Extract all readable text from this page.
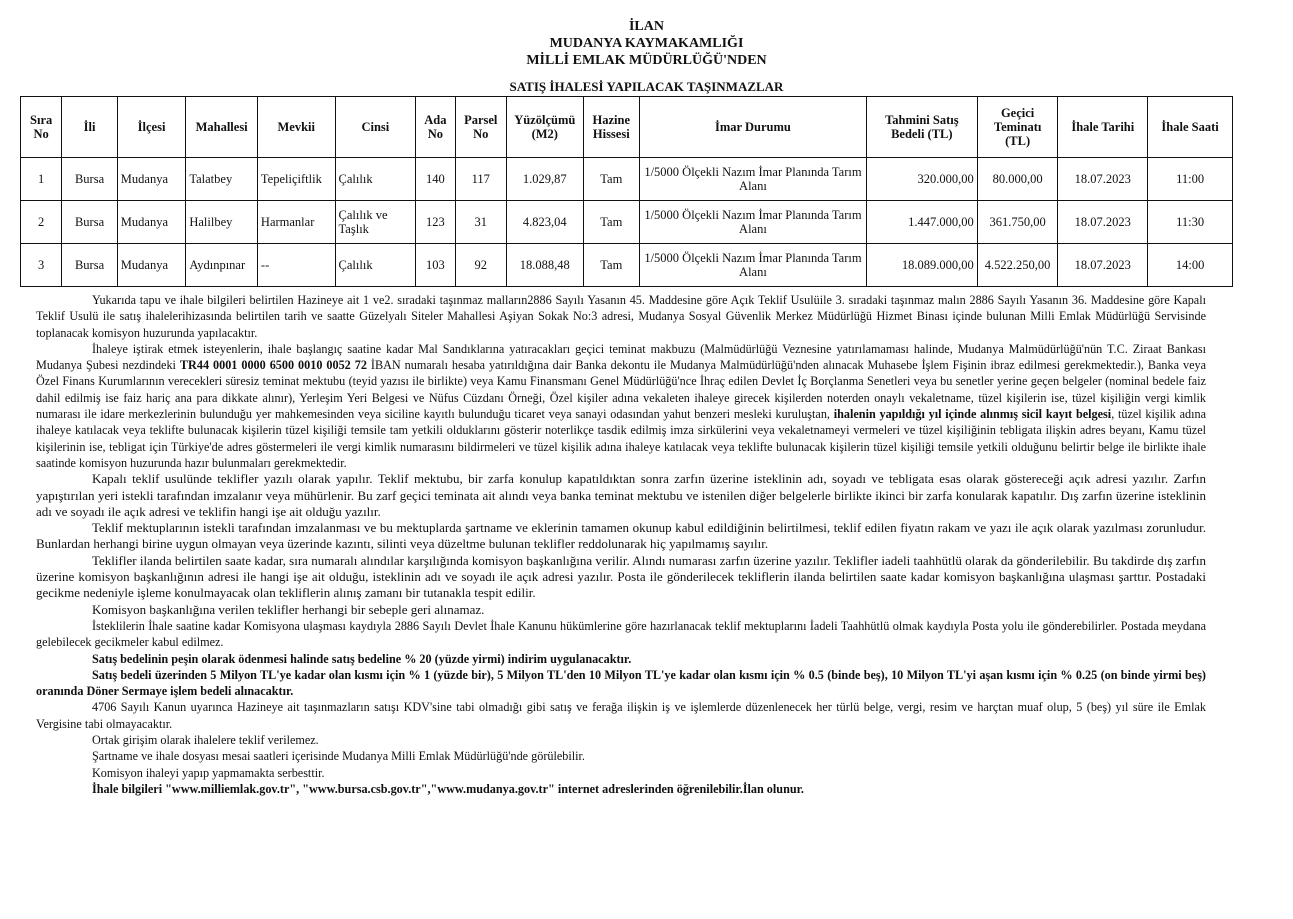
İLAN
MUDANYA KAYMAKAMLIĞI
MİLLİ EMLAK MÜDÜRLÜĞÜ'NDEN
SATIŞ İHALESİ YAPILACAK TAŞINMAZLAR
Sıra No	İli	İlçesi	Mahallesi	Mevkii	Cinsi	Ada No	Parsel No	Yüzölçümü (M2)	Hazine Hissesi	İmar Durumu	Tahmini Satış Bedeli (TL)	Geçici Teminatı (TL)	İhale Tarihi	İhale Saati
1	Bursa	Mudanya	Talatbey	Tepeliçiftlik	Çalılık	140	117	1.029,87	Tam	1/5000 Ölçekli Nazım İmar Planında Tarım Alanı	320.000,00	80.000,00	18.07.2023	11:00
2	Bursa	Mudanya	Halilbey	Harmanlar	Çalılık ve Taşlık	123	31	4.823,04	Tam	1/5000 Ölçekli Nazım İmar Planında Tarım Alanı	1.447.000,00	361.750,00	18.07.2023	11:30
3	Bursa	Mudanya	Aydınpınar	--	Çalılık	103	92	18.088,48	Tam	1/5000 Ölçekli Nazım İmar Planında Tarım Alanı	18.089.000,00	4.522.250,00	18.07.2023	14:00

Yukarıda tapu ve ihale bilgileri belirtilen Hazineye ait 1 ve2. sıradaki taşınmaz malların2886 Sayılı Yasanın 45. Maddesine göre Açık Teklif Usulüile 3. sıradaki taşınmaz malın 2886 Sayılı Yasanın 36. Maddesine göre Kapalı Teklif Usulü ile satış ihalelerihizasında belirtilen tarih ve saatte Güzelyalı Siteler Mahallesi Aşiyan Sokak No:3 adresi, Mudanya Sosyal Güvenlik Merkez Müdürlüğü Hizmet Binası içinde bulunan Milli Emlak Müdürlüğü Servisinde toplanacak komisyon huzurunda yapılacaktır.

İhaleye iştirak etmek isteyenlerin, ihale başlangıç saatine kadar Mal Sandıklarına yatıracakları geçici teminat makbuzu (Malmüdürlüğü Veznesine yatırılamaması halinde, Mudanya Malmüdürlüğü'nün T.C. Ziraat Bankası Mudanya Şubesi nezdindeki TR44 0001 0000 6500 0010 0052 72 İBAN numaralı hesaba yatırıldığına dair Banka dekontu ile Mudanya Malmüdürlüğü'nden alınacak Muhasebe İşlem Fişinin ibraz edilmesi gerekmektedir.), Banka veya Özel Finans Kurumlarının verecekleri süresiz teminat mektubu (teyid yazısı ile birlikte) veya Kamu Finansmanı Genel Müdürlüğü'nce İhraç edilen Devlet İç Borçlanma Senetleri veya bu senetler yerine geçen belgeler (nominal bedele faiz dahil edilmiş ise faiz hariç ana para dikkate alınır), Yerleşim Yeri Belgesi ve Nüfus Cüzdanı Örneği, Özel kişiler adına vekaleten ihaleye girecek kişilerden noterden onaylı vekaletname, tüzel kişilerin ise, tüzel kişiliğin vergi kimlik numarası ile idare merkezlerinin bulunduğu yer mahkemesinden veya siciline kayıtlı bulunduğu ticaret veya sanayi odasından yahut benzeri mesleki kuruluştan, ihalenin yapıldığı yıl içinde alınmış sicil kayıt belgesi, tüzel kişilik adına ihaleye katılacak veya teklifte bulunacak kişilerin tüzel kişiliği temsile tam yetkili olduklarını gösterir noterlikçe tasdik edilmiş imza sirkülerini veya vekaletnameyi vermeleri ve tüzel kişiliğinin tebligata ilişkin adres beyanı, Kamu tüzel kişilerinin ise, tebligat için Türkiye'de adres göstermeleri ile vergi kimlik numarasını bildirmeleri ve tüzel kişilik adına ihaleye katılacak veya teklifte bulunacak kişilerin tüzel kişiliği temsile yetkili olduğunu belirtir belge ile birlikte ihale saatinde komisyon huzurunda hazır bulunmaları gerekmektedir.

Kapalı teklif usulünde teklifler yazılı olarak yapılır. Teklif mektubu, bir zarfa konulup kapatıldıktan sonra zarfın üzerine isteklinin adı, soyadı ve tebligata esas olarak göstereceği açık adresi yazılır. Zarfın yapıştırılan yeri istekli tarafından imzalanır veya mühürlenir. Bu zarf geçici teminata ait alındı veya banka teminat mektubu ve istenilen diğer belgelerle birlikte ikinci bir zarfa konularak kapatılır. Dış zarfın üzerine isteklinin adı ve soyadı ile açık adresi ve teklifin hangi işe ait olduğu yazılır.

Teklif mektuplarının istekli tarafından imzalanması ve bu mektuplarda şartname ve eklerinin tamamen okunup kabul edildiğinin belirtilmesi, teklif edilen fiyatın rakam ve yazı ile açık olarak yazılması zorunludur. Bunlardan herhangi birine uygun olmayan veya üzerinde kazıntı, silinti veya düzeltme bulunan teklifler reddolunarak hiç yapılmamış sayılır.

Teklifler ilanda belirtilen saate kadar, sıra numaralı alındılar karşılığında komisyon başkanlığına verilir. Alındı numarası zarfın üzerine yazılır. Teklifler iadeli taahhütlü olarak da gönderilebilir. Bu takdirde dış zarfın üzerine komisyon başkanlığının adresi ile hangi işe ait olduğu, isteklinin adı ve soyadı ile açık adresi yazılır. Posta ile gönderilecek tekliflerin ilanda belirtilen saate kadar komisyon başkanlığına ulaşması şarttır. Postadaki gecikme nedeniyle işleme konulmayacak olan tekliflerin alınış zamanı bir tutanakla tespit edilir.

Komisyon başkanlığına verilen teklifler herhangi bir sebeple geri alınamaz.

İsteklilerin İhale saatine kadar Komisyona ulaşması kaydıyla 2886 Sayılı Devlet İhale Kanunu hükümlerine göre hazırlanacak teklif mektuplarını İadeli Taahhütlü olmak kaydıyla Posta yolu ile gönderebilirler. Postada meydana gelebilecek gecikmeler kabul edilmez.

Satış bedelinin peşin olarak ödenmesi halinde satış bedeline % 20 (yüzde yirmi) indirim uygulanacaktır.

Satış bedeli üzerinden 5 Milyon TL'ye kadar olan kısmı için % 1 (yüzde bir), 5 Milyon TL'den 10 Milyon TL'ye kadar olan kısmı için % 0.5 (binde beş), 10 Milyon TL'yi aşan kısmı için % 0.25 (on binde yirmi beş) oranında Döner Sermaye işlem bedeli alınacaktır.

4706 Sayılı Kanun uyarınca Hazineye ait taşınmazların satışı KDV'sine tabi olmadığı gibi satış ve ferağa ilişkin iş ve işlemlerde düzenlenecek her türlü belge, vergi, resim ve harçtan muaf olup, 5 (beş) yıl süre ile Emlak Vergisine tabi olmayacaktır.

Ortak girişim olarak ihalelere teklif verilemez.

Şartname ve ihale dosyası mesai saatleri içerisinde Mudanya Milli Emlak Müdürlüğü'nde görülebilir.

Komisyon ihaleyi yapıp yapmamakta serbesttir.

İhale bilgileri "www.milliemlak.gov.tr", "www.bursa.csb.gov.tr","www.mudanya.gov.tr" internet adreslerinden öğrenilebilir.İlan olunur.
